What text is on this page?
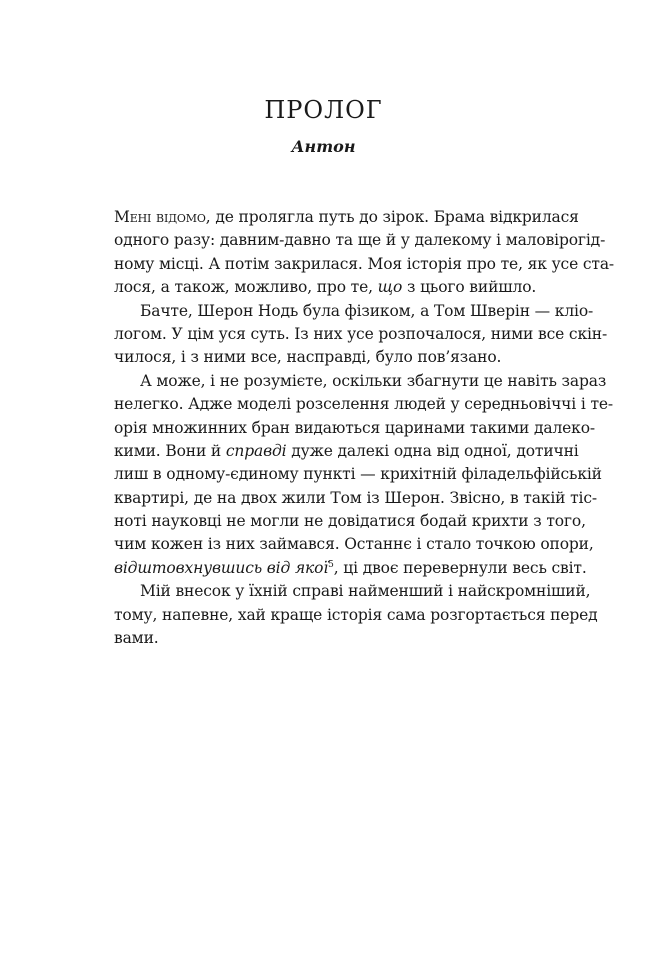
ПРОЛОГ
Антон
Мені відомо, де пролягла путь до зірок. Брама відкрилася
одного разу: давним-давно та ще й у далекому і маловірогід-
ному місці. А потім закрилася. Моя історія про те, як усе ста-
лося, а також, можливо, про те, що з цього вийшло.
Бачте, Шерон Нодь була фізиком, а Том Шверін — кліо-
логом. У цім уся суть. Із них усе розпочалося, ними все скін-
чилося, і з ними все, насправді, було пов’язано.
А може, і не розумієте, оскільки збагнути це навіть зараз
нелегко. Адже моделі розселення людей у середньовіччі і те-
орія множинних бран видаються царинами такими далеко-
кими. Вони й справді дуже далекі одна від одної, дотичні
лиш в одному-єдиному пункті — крихітній філадельфійській
квартирі, де на двох жили Том із Шерон. Звісно, в такій тіс-
ноті науковці не могли не довідатися бодай крихти з того,
чим кожен із них займався. Останнє і стало точкою опори,
відштовхнувшись від якої$^5$, ці двоє перевернули весь світ.
Мій внесок у їхній справі найменший і найскромніший,
тому, напевне, хай краще історія сама розгортається перед
вами.
